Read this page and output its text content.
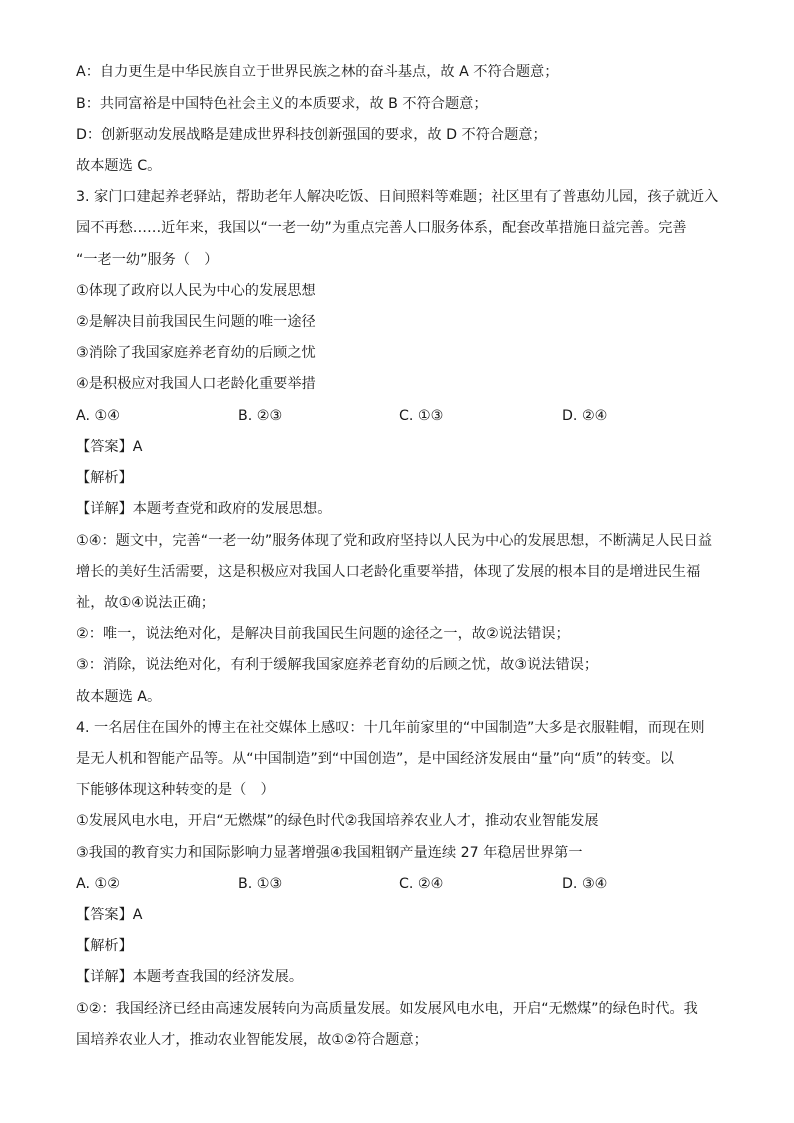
A：自力更生是中华民族自立于世界民族之林的奋斗基点，故 A 不符合题意；
B：共同富裕是中国特色社会主义的本质要求，故 B 不符合题意；
D：创新驱动发展战略是建成世界科技创新强国的要求，故 D 不符合题意；
故本题选 C。
3. 家门口建起养老驿站，帮助老年人解决吃饭、日间照料等难题；社区里有了普惠幼儿园，孩子就近入
园不再愁……近年来，我国以“一老一幼”为重点完善人口服务体系，配套改革措施日益完善。完善
“一老一幼”服务（　）
①体现了政府以人民为中心的发展思想
②是解决目前我国民生问题的唯一途径
③消除了我国家庭养老育幼的后顾之忧
④是积极应对我国人口老龄化重要举措
A. ①④	B. ②③	C. ①③	D. ②④
【答案】A
【解析】
【详解】本题考查党和政府的发展思想。
①④：题文中，完善“一老一幼”服务体现了党和政府坚持以人民为中心的发展思想，不断满足人民日益
增长的美好生活需要，这是积极应对我国人口老龄化重要举措，体现了发展的根本目的是增进民生福
祉，故①④说法正确；
②：唯一，说法绝对化，是解决目前我国民生问题的途径之一，故②说法错误；
③：消除，说法绝对化，有利于缓解我国家庭养老育幼的后顾之忧，故③说法错误；
故本题选 A。
4. 一名居住在国外的博主在社交媒体上感叹：十几年前家里的“中国制造”大多是衣服鞋帽，而现在则
是无人机和智能产品等。从“中国制造”到“中国创造”，是中国经济发展由“量”向“质”的转变。以
下能够体现这种转变的是（　）
①发展风电水电，开启“无燃煤”的绿色时代②我国培养农业人才，推动农业智能发展
③我国的教育实力和国际影响力显著增强④我国粗钢产量连续 27 年稳居世界第一
A. ①②	B. ①③	C. ②④	D. ③④
【答案】A
【解析】
【详解】本题考查我国的经济发展。
①②：我国经济已经由高速发展转向为高质量发展。如发展风电水电，开启“无燃煤”的绿色时代。我
国培养农业人才，推动农业智能发展，故①②符合题意；
